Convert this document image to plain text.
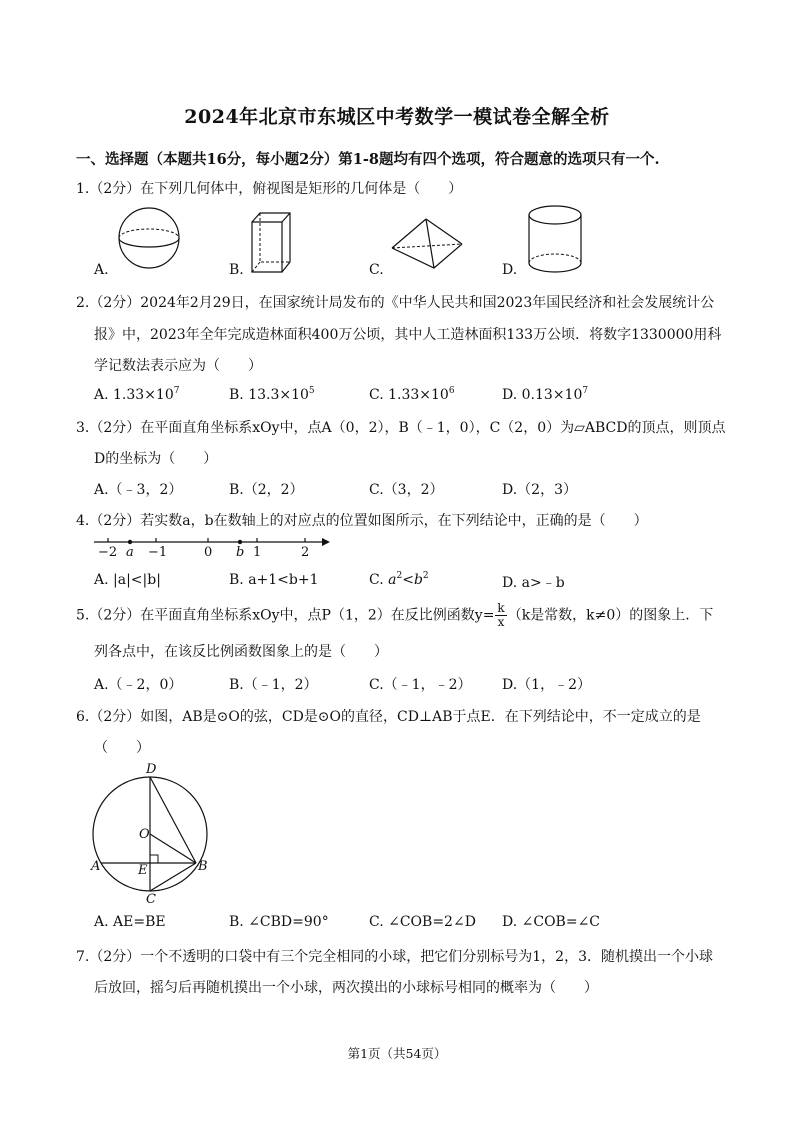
2024年北京市东城区中考数学一模试卷全解全析
一、选择题（本题共16分，每小题2分）第1-8题均有四个选项，符合题意的选项只有一个.
1.（2分）在下列几何体中，俯视图是矩形的几何体是（　　）
A.	B.	C.	D.
2.（2分）2024年2月29日，在国家统计局发布的《中华人民共和国2023年国民经济和社会发展统计公
报》中，2023年全年完成造林面积400万公顷，其中人工造林面积133万公顷．将数字1330000用科
学记数法表示应为（　　）
A. $1.33\times 10^7$	B. $13.3\times 10^5$	C. $1.33\times 10^6$	D. $0.13\times 10^7$
3.（2分）在平面直角坐标系xOy中，点A（0，2），B（﹣1，0），C（2，0）为▱ABCD的顶点，则顶点
D的坐标为（　　）
A.（﹣3，2）	B.（2，2）	C.（3，2）	D.（2，3）
4.（2分）若实数a，b在数轴上的对应点的位置如图所示，在下列结论中，正确的是（　　）
−2 a −1	0 b 1	2
A. |a|<|b|	B. a+1<b+1	C. $a^2<b^2$	D. a>﹣b
5.（2分）在平面直角坐标系xOy中，点P（1，2）在反比例函数$y= \frac{k}{x} (k$是常数，k≠0）的图象上．下
列各点中，在该反比例函数图象上的是（　　）
A.（﹣2，0）	B.（﹣1，2）	C.（﹣1，﹣2） D.（1，﹣2）
6.（2分）如图，AB是⊙O的弦，CD是⊙O的直径，CD⊥AB于点E．在下列结论中，不一定成立的是
（　　）
D
O
A	E	B
C
A. AE=BE	B. ∠CBD=90°	C. ∠COB=2∠D D. ∠COB=∠C
7.（2分）一个不透明的口袋中有三个完全相同的小球，把它们分别标号为1，2，3．随机摸出一个小球
后放回，摇匀后再随机摸出一个小球，两次摸出的小球标号相同的概率为（　　）
第1页（共54页）
